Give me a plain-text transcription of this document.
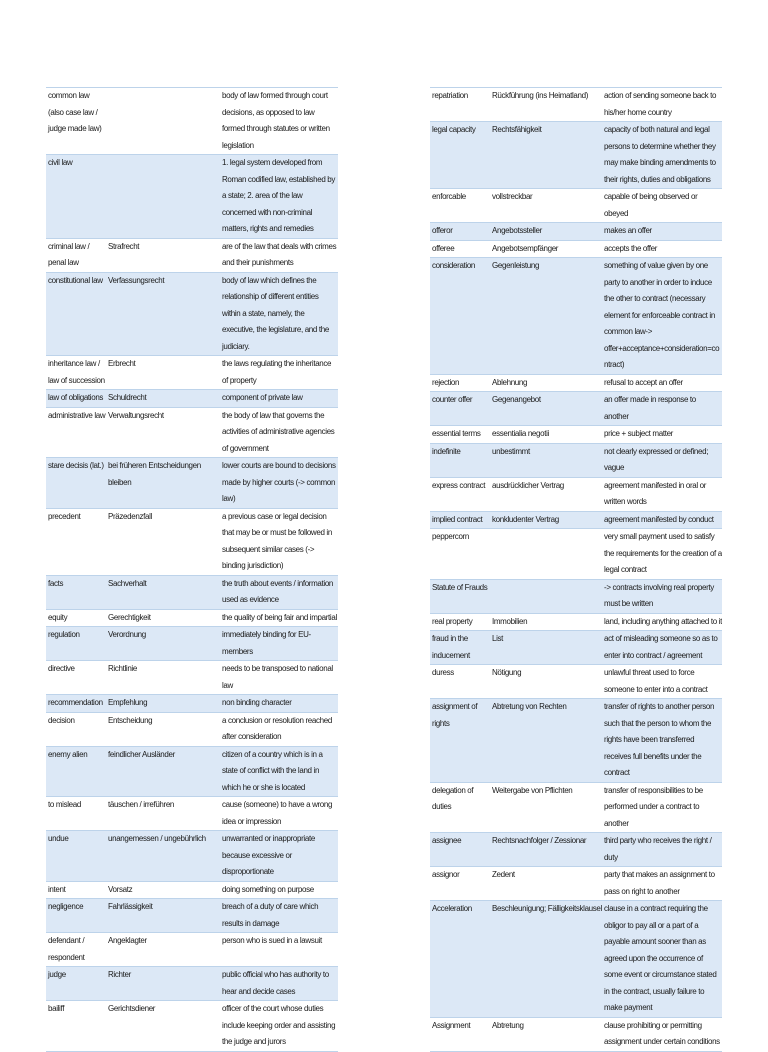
common law (also case law / judge made law)		body of law formed through court decisions, as opposed to law formed through statutes or written legislation
civil law		1. legal system developed from Roman codified law, established by a state; 2. area of the law concerned with non-criminal matters, rights and remedies
criminal law / penal law	Strafrecht	are of the law that deals with crimes and their punishments
constitutional law	Verfassungsrecht	body of law which defines the relationship of different entities within a state, namely, the executive, the legislature, and the judiciary.
inheritance law / law of succession	Erbrecht	the laws regulating the inheritance of property
law of obligations	Schuldrecht	component of private law
administrative law	Verwaltungsrecht	the body of law that governs the activities of administrative agencies of government
stare decisis (lat.)	bei früheren Entscheidungen bleiben	lower courts are bound to decisions made by higher courts (-> common law)
precedent	Präzedenzfall	a previous case or legal decision that may be or must be followed in subsequent similar cases (-> binding jurisdiction)
facts	Sachverhalt	the truth about events / information used as evidence
equity	Gerechtigkeit	the quality of being fair and impartial
regulation	Verordnung	immediately binding for EU-members
directive	Richtlinie	needs to be transposed to national law
recommendation	Empfehlung	non binding character
decision	Entscheidung	a conclusion or resolution reached after consideration
enemy alien	feindlicher Ausländer	citizen of a country which is in a state of conflict with the land in which he or she is located
to mislead	täuschen / irreführen	cause (someone) to have a wrong idea or impression
undue	unangemessen / ungebührlich	unwarranted or inappropriate because excessive or disproportionate
intent	Vorsatz	doing something on purpose
negligence	Fahrlässigkeit	breach of a duty of care which results in damage
defendant / respondent	Angeklagter	person who is sued in a lawsuit
judge	Richter	public official who has authority to hear and decide cases
bailiff	Gerichtsdiener	officer of the court whose duties include keeping order and assisting the judge and jurors
repatriation	Rückführung (ins Heimatland)	action of sending someone back to his/her home country
legal capacity	Rechtsfähigkeit	capacity of both natural and legal persons to determine whether they may make binding amendments to their rights, duties and obligations
enforcable	vollstreckbar	capable of being observed or obeyed
offeror	Angebotssteller	makes an offer
offeree	Angebotsempfänger	accepts the offer
consideration	Gegenleistung	something of value given by one party to another in order to induce the other to contract (necessary element for enforceable contract in common law-> offer+acceptance+consideration=contract)
rejection	Ablehnung	refusal to accept an offer
counter offer	Gegenangebot	an offer made in response to another
essential terms	essentialia negotii	price + subject matter
indefinite	unbestimmt	not clearly expressed or defined; vague
express contract	ausdrücklicher Vertrag	agreement manifested in oral or written words
implied contract	konkludenter Vertrag	agreement manifested by conduct
peppercorn		very small payment used to satisfy the requirements for the creation of a legal contract
Statute of Frauds		-> contracts involving real property must be written
real property	Immobilien	land, including anything attached to it
fraud in the inducement	List	act of misleading someone so as to enter into contract / agreement
duress	Nötigung	unlawful threat used to force someone to enter into a contract
assignment of rights	Abtretung von Rechten	transfer of rights to another person such that the person to whom the rights have been transferred receives full benefits under the contract
delegation of duties	Weitergabe von Pflichten	transfer of responsibilities to be performed under a contract to another
assignee	Rechtsnachfolger / Zessionar	third party who receives the right / duty
assignor	Zedent	party that makes an assignment to pass on right to another
Acceleration	Beschleunigung; Fälligkeitsklausel	clause in a contract requiring the obligor to pay all or a part of a payable amount sooner than as agreed upon the occurrence of some event or circumstance stated in the contract, usually failure to make payment
Assignment	Abtretung	clause prohibiting or permitting assignment under certain conditions
